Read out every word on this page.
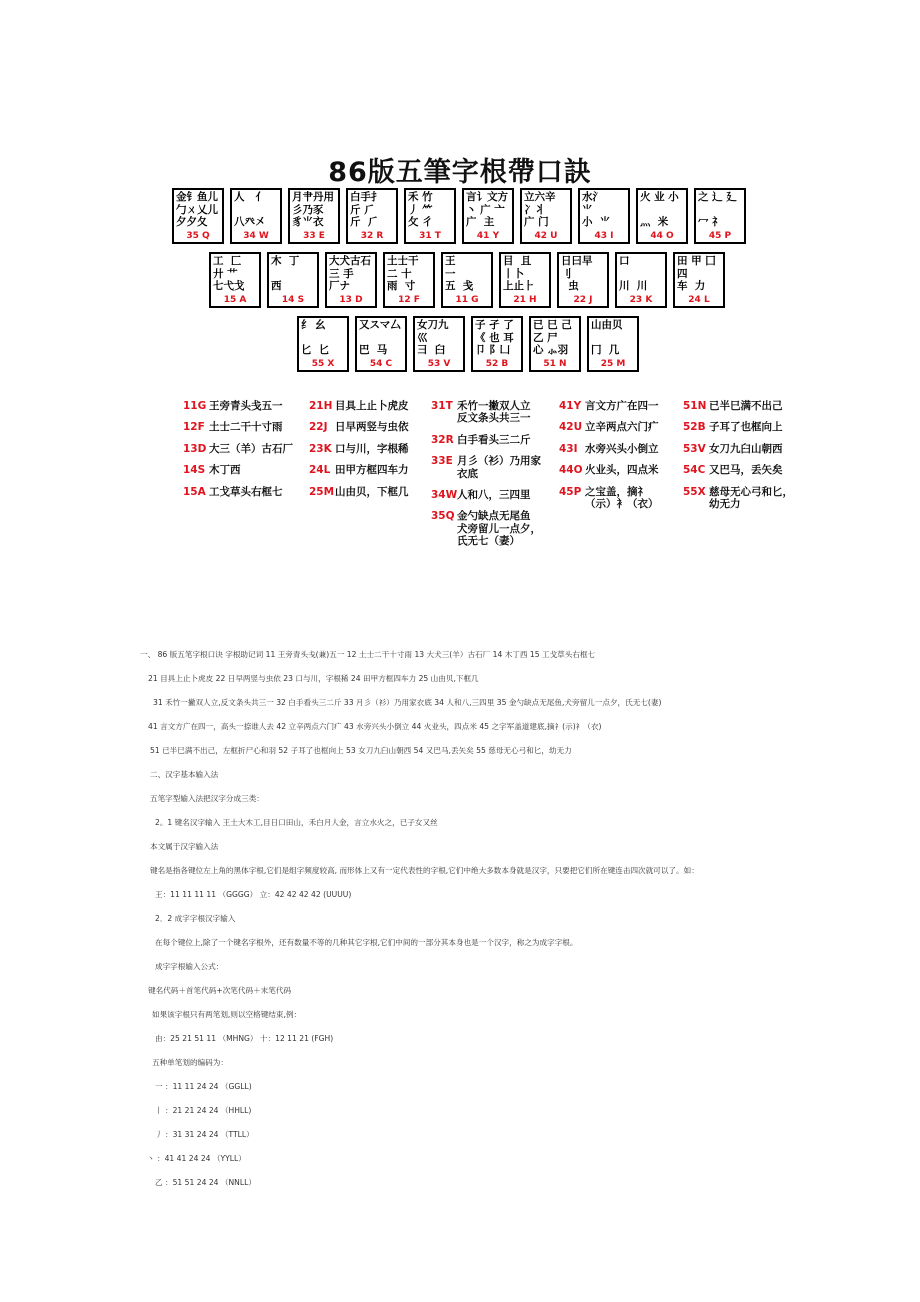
86版五筆字根帶口訣
金钅鱼儿
勹ㄨ乂儿
夕夕夂
35 Q
人   亻

八癶㐅
34 W
月肀丹用
彡乃豕
豸⺌衣
33 E
白手扌
斤 ⺁
斤  ⺁
32 R
禾 竹
丿 ⺮
攵 彳
31 T
言讠文方
丶 广 亠
广  主
41 Y
立六辛
冫丬
广 门
42 U
水氵
⺌
小  ⺌
43 I
火 业 小

灬  米
44 O
之 辶 廴

冖 礻
45 P
工  匚
廾 艹
七弋戈
15 A
木  丁

西
14 S
大犬古石
三 手
厂ナ
13 D
土士干
二 十
雨  寸
12 F
王
一
五  戋
11 G
目  且
丨卜
上止⺊
21 H
日曰早
刂
虫
22 J
口

川  川
23 K
田 甲 囗
四
车  力
24 L
纟 幺

匕  匕
55 X
又スマ厶

巴  马
54 C
女刀九
巛
彐  臼
53 V
子 孑 了
《 也 耳
卩 阝凵
52 B
已 巳 己
乙 尸
心 ⺗羽
51 N
山由贝

冂  几
25 M
11G 王旁青头戋五一
12F 土士二干十寸雨
13D 大三（羊）古石厂
14S 木丁西
15A 工戈草头右框七
21H 目具上止卜虎皮
22J 日早两竖与虫依
23K 口与川，字根稀
24L 田甲方框四车力
25M 山由贝，下框几
31T 禾竹一撇双人立
反文条头共三一
32R 白手看头三二斤
33E 月彡（衫）乃用家
衣底
34W 人和八，三四里
35Q 金勺缺点无尾鱼
犬旁留儿一点夕，
氏无七（妻）
41Y 言文方广在四一
42U 立辛两点六门疒
43I 水旁兴头小倒立
44O 火业头，四点米
45P 之宝盖，摘礻
（示）衤（衣）
51N 已半巳满不出己
52B 子耳了也框向上
53V 女刀九臼山朝西
54C 又巴马，丢矢矣
55X 慈母无心弓和匕，
幼无力
一、 86 版五笔字根口诀 字根助记词 11 王旁青头戋(兼)五一 12 土士二干十寸雨 13 大犬三(羊）古石厂 14 木丁西 15 工戈草头右框七
21 目具上止卜虎皮 22 日早两竖与虫依 23 口与川，字根稀 24 田甲方框四车力 25 山由贝,下框几
31 禾竹一撇双人立,反文条头共三一 32 白手看头三二斤 33 月彡（衫）乃用家衣底 34 人和八,三四里 35 金勺缺点无尾鱼,犬旁留儿一点夕，氏无七(妻)
41 言文方广在四一，高头一捺谁人去 42 立辛两点六门疒 43 水旁兴头小倒立 44 火业头，四点米 45 之字军盖道建底,摘礻(示)衤（衣)
51 已半巳满不出己，左框折尸心和羽 52 子耳了也框向上 53 女刀九臼山朝西 54 又巴马,丢矢矣 55 慈母无心弓和匕，幼无力
二、汉字基本输入法
五笔字型输入法把汉字分成三类：
2。1 键名汉字输入 王土大木工,目日口田山，禾白月人金，言立水火之，已子女又丝
本文属于汉字输入法
键名是指各键位左上角的黑体字根,它们是组字频度较高, 而形体上又有一定代表性的字根,它们中绝大多数本身就是汉字，只要把它们所在键连击四次就可以了。如：
王：11 11 11 11 （GGGG） 立：42 42 42 42 (UUUU)
2．2 成字字根汉字输入
在每个键位上,除了一个键名字根外，还有数量不等的几种其它字根,它们中间的一部分其本身也是一个汉字，称之为成字字根。
成字字根输入公式：
键名代码＋首笔代码+次笔代码＋末笔代码
如果该字根只有两笔划,则以空格键结束,例：
由：25 21 51 11 （MHNG） 十：12 11 21 (FGH)
五种单笔划的编码为：
一 ：11 11 24 24 （GGLL)
丨 ：21 21 24 24 （HHLL)
丿 ：31 31 24 24 （TTLL）
丶 ：41 41 24 24 （YYLL）
乙 ：51 51 24 24 （NNLL）
